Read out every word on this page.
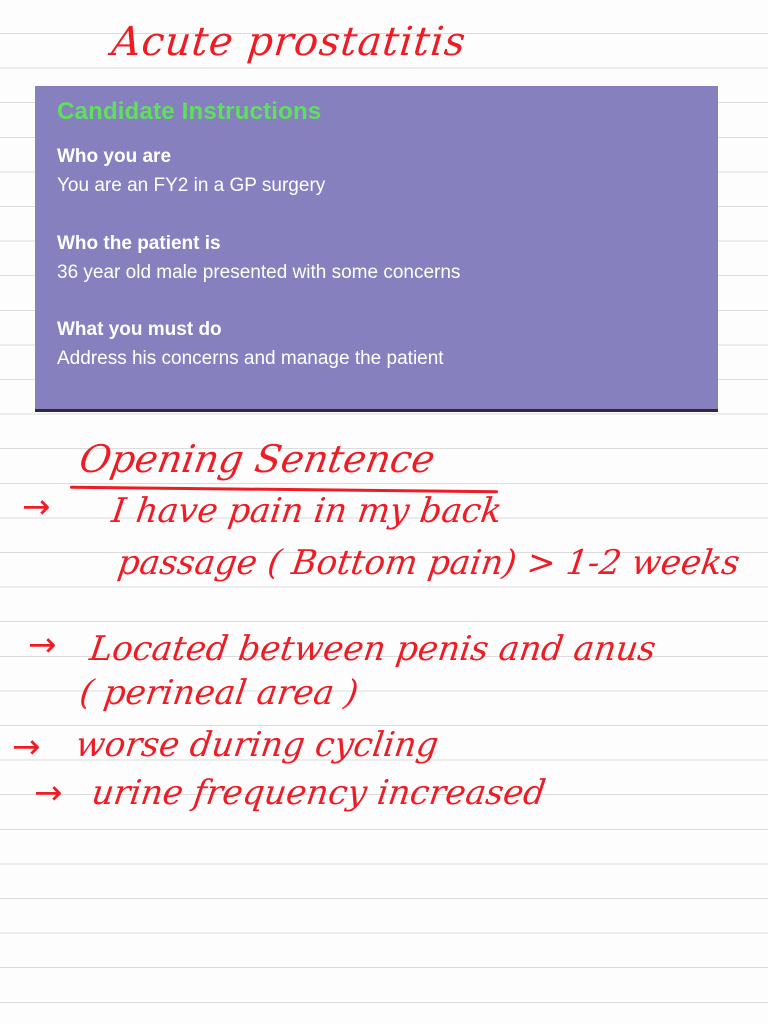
Acute prostatitis
Candidate Instructions
Who you are
You are an FY2 in a GP surgery
Who the patient is
36 year old male presented with some concerns
What you must do
Address his concerns and manage the patient
Opening Sentence
→ I have pain in my back
passage ( Bottom pain) > 1-2 weeks
→ Located between penis and anus
( perineal area )
→ worse during cycling
→ urine frequency increased
